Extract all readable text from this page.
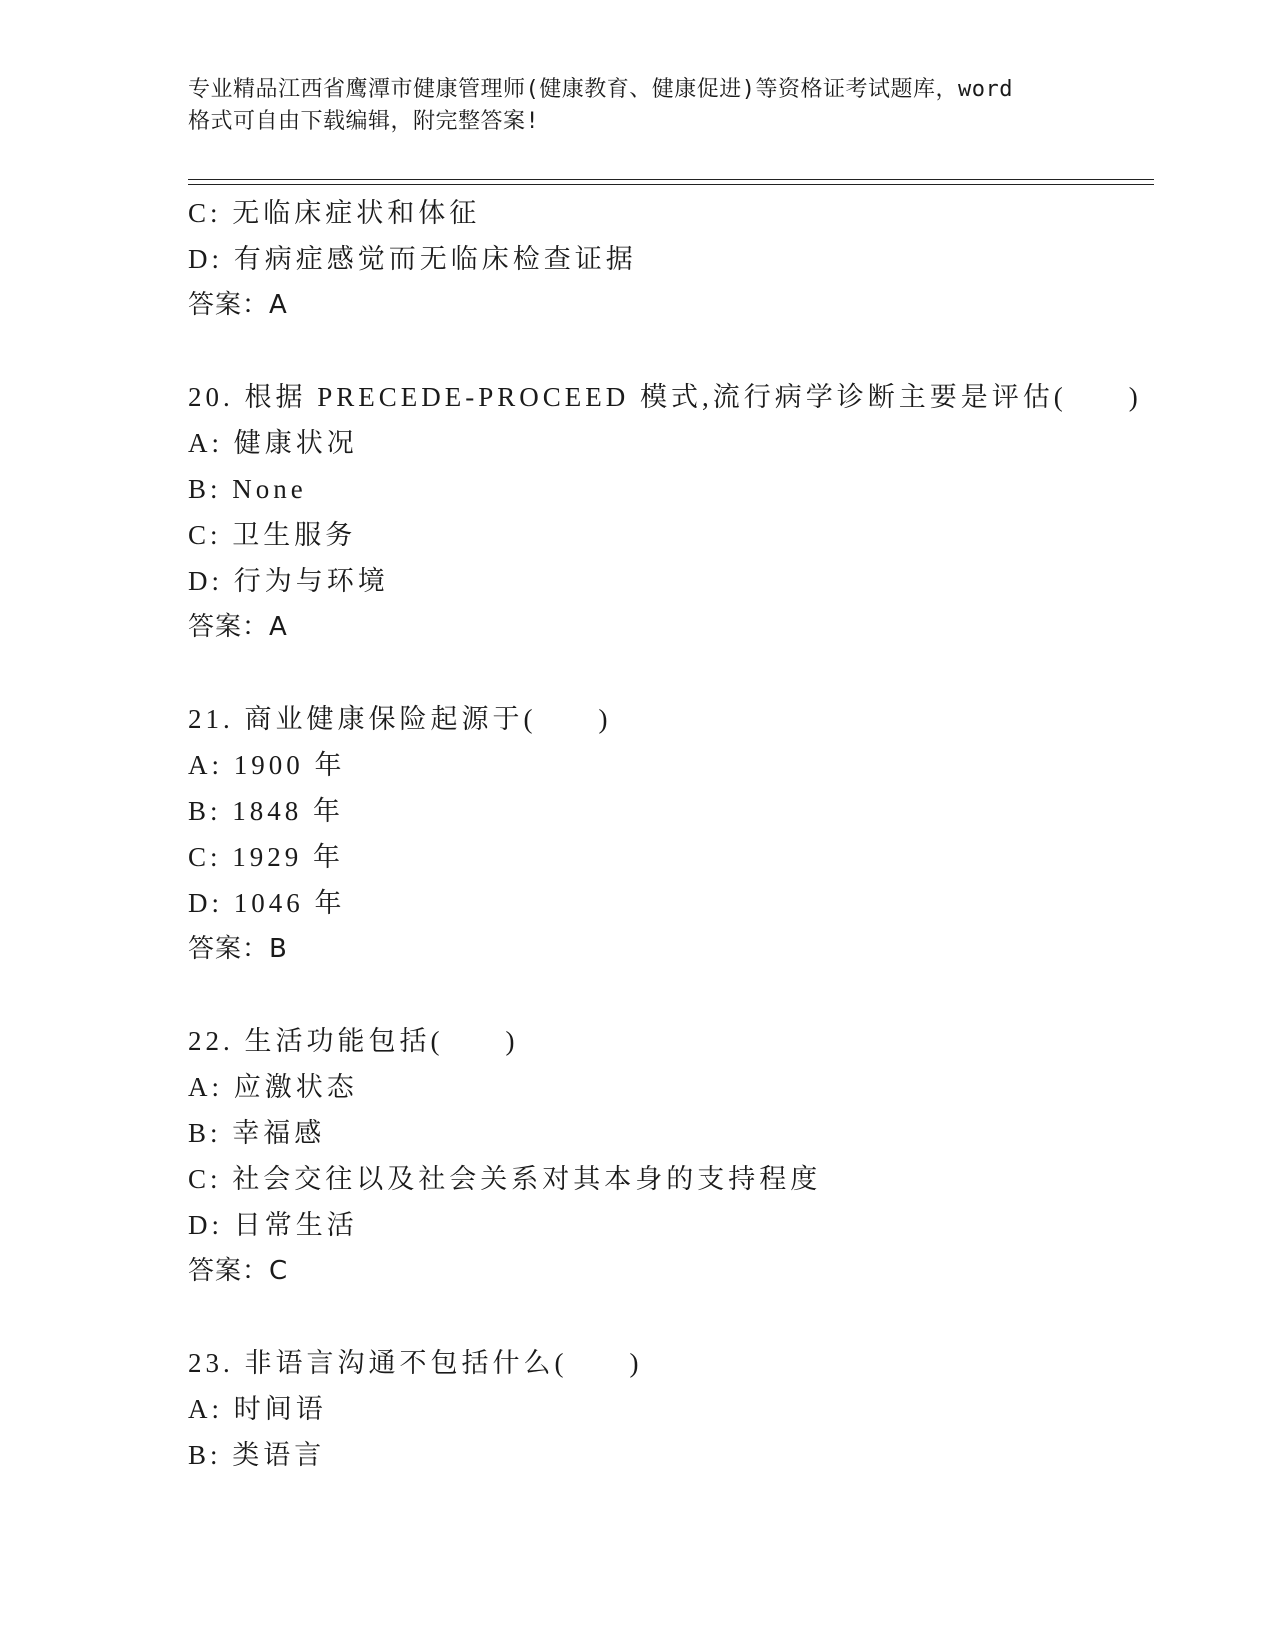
专业精品江西省鹰潭市健康管理师(健康教育、健康促进)等资格证考试题库，word
格式可自由下载编辑，附完整答案!
C: 无临床症状和体征
D: 有病症感觉而无临床检查证据
答案：A
20. 根据 PRECEDE-PROCEED 模式,流行病学诊断主要是评估(　　)
A: 健康状况
B: None
C: 卫生服务
D: 行为与环境
答案：A
21. 商业健康保险起源于(　　)
A: 1900 年
B: 1848 年
C: 1929 年
D: 1046 年
答案：B
22. 生活功能包括(　　)
A: 应激状态
B: 幸福感
C: 社会交往以及社会关系对其本身的支持程度
D: 日常生活
答案：C
23. 非语言沟通不包括什么(　　)
A: 时间语
B: 类语言
